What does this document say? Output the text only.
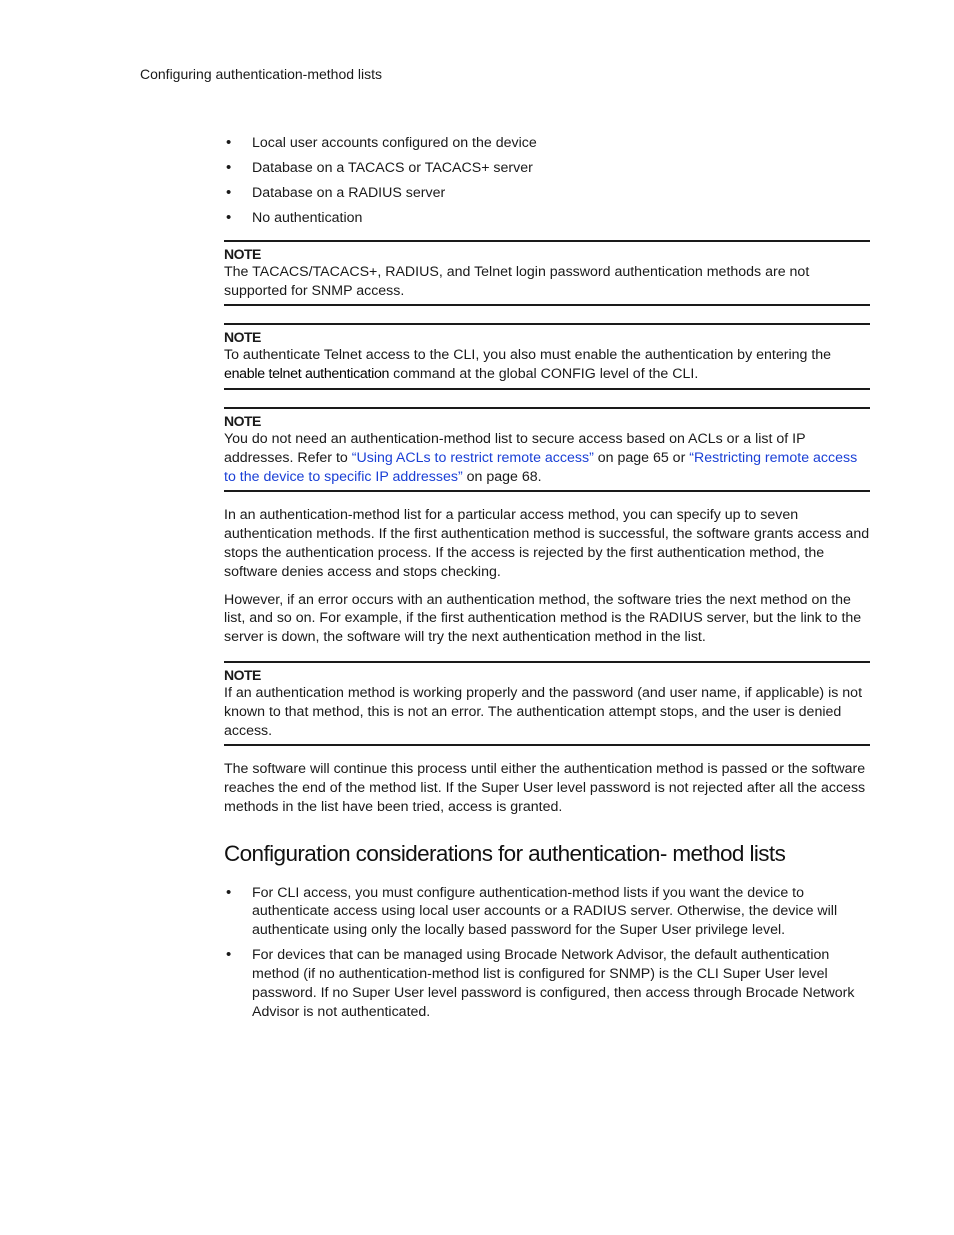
Configuring authentication-method lists
• Local user accounts configured on the device
• Database on a TACACS or TACACS+ server
• Database on a RADIUS server
• No authentication
NOTE

The TACACS/TACACS+, RADIUS, and Telnet login password authentication methods are not supported for SNMP access.

NOTE

To authenticate Telnet access to the CLI, you also must enable the authentication by entering the enable telnet authentication command at the global CONFIG level of the CLI.

NOTE

You do not need an authentication-method list to secure access based on ACLs or a list of IP addresses. Refer to “Using ACLs to restrict remote access” on page 65 or “Restricting remote access to the device to specific IP addresses” on page 68.

In an authentication-method list for a particular access method, you can specify up to seven authentication methods. If the first authentication method is successful, the software grants access and stops the authentication process. If the access is rejected by the first authentication method, the software denies access and stops checking.

However, if an error occurs with an authentication method, the software tries the next method on the list, and so on. For example, if the first authentication method is the RADIUS server, but the link to the server is down, the software will try the next authentication method in the list.

NOTE

If an authentication method is working properly and the password (and user name, if applicable) is not known to that method, this is not an error. The authentication attempt stops, and the user is denied access.

The software will continue this process until either the authentication method is passed or the software reaches the end of the method list. If the Super User level password is not rejected after all the access methods in the list have been tried, access is granted.

Configuration considerations for authentication- method lists
• For CLI access, you must configure authentication-method lists if you want the device to authenticate access using local user accounts or a RADIUS server. Otherwise, the device will authenticate using only the locally based password for the Super User privilege level.
• For devices that can be managed using Brocade Network Advisor, the default authentication method (if no authentication-method list is configured for SNMP) is the CLI Super User level password. If no Super User level password is configured, then access through Brocade Network Advisor is not authenticated.
